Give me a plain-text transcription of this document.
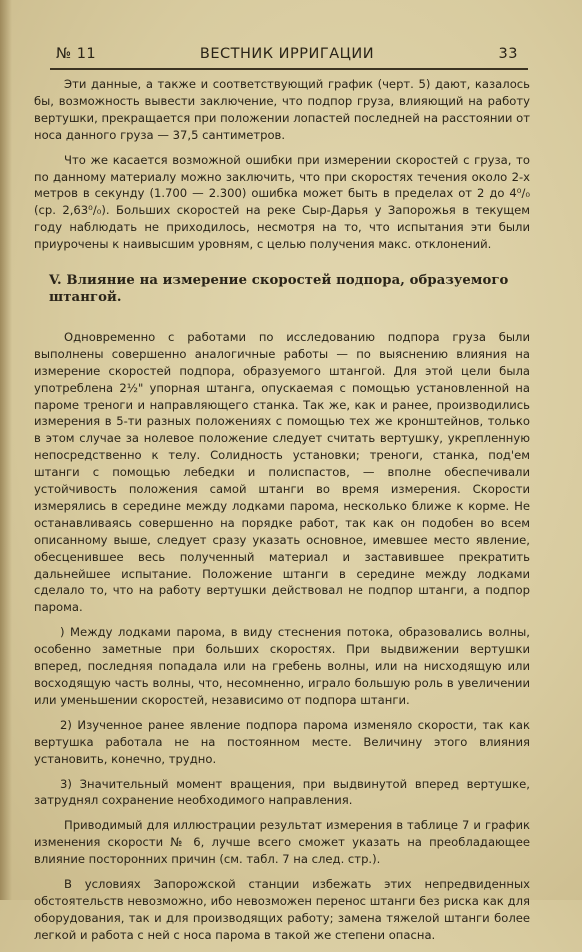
№ 11	ВЕСТНИК ИРРИГАЦИИ	33

Эти данные, а также и соответствующий график (черт. 5) дают, казалось бы, возможность вывести заключение, что подпор груза, влияющий на работу вертушки, прекращается при положении лопастей последней на расстоянии от носа данного груза — 37,5 сантиметров.

Что же касается возможной ошибки при измерении скоростей с груза, то по данному материалу можно заключить, что при скоростях течения около 2-х метров в секунду (1.700 — 2.300) ошибка может быть в пределах от 2 до 4⁰/₀ (ср. 2,63⁰/₀). Больших скоростей на реке Сыр-Дарья у Запорожья в текущем году наблюдать не приходилось, несмотря на то, что испытания эти были приурочены к наивысшим уровням, с целью получения макс. отклонений.

V. Влияние на измерение скоростей подпора, образуемого штангой.

Одновременно с работами по исследованию подпора груза были выполнены совершенно аналогичные работы — по выяснению влияния на измерение скоростей подпора, образуемого штангой. Для этой цели была употреблена 2½" упорная штанга, опускаемая с помощью установленной на пароме треноги и направляющего станка. Так же, как и ранее, производились измерения в 5-ти разных положениях с помощью тех же кронштейнов, только в этом случае за нолевое положение следует считать вертушку, укрепленную непосредственно к телу. Солидность установки; треноги, станка, под'ем штанги с помощью лебедки и полиспастов, — вполне обеспечивали устойчивость положения самой штанги во время измерения. Скорости измерялись в середине между лодками парома, несколько ближе к корме. Не останавливаясь совершенно на порядке работ, так как он подобен во всем описанному выше, следует сразу указать основное, имевшее место явление, обесценившее весь полученный материал и заставившее прекратить дальнейшее испытание. Положение штанги в середине между лодками сделало то, что на работу вертушки действовал не подпор штанги, а подпор парома.

) Между лодками парома, в виду стеснения потока, образовались волны, особенно заметные при больших скоростях. При выдвижении вертушки вперед, последняя попадала или на гребень волны, или на нисходящую или восходящую часть волны, что, несомненно, играло большую роль в увеличении или уменьшении скоростей, независимо от подпора штанги.

2) Изученное ранее явление подпора парома изменяло скорости, так как вертушка работала не на постоянном месте. Величину этого влияния установить, конечно, трудно.

3) Значительный момент вращения, при выдвинутой вперед вертушке, затруднял сохранение необходимого направления.

Приводимый для иллюстрации результат измерения в таблице 7 и график изменения скорости № 6, лучше всего сможет указать на преобладающее влияние посторонних причин (см. табл. 7 на след. стр.).

В условиях Запорожской станции избежать этих непредвиденных обстоятельств невозможно, ибо невозможен перенос штанги без риска как для оборудования, так и для производящих работу; замена тяжелой штанги более легкой и работа с ней с носа парома в такой же степени опасна.
